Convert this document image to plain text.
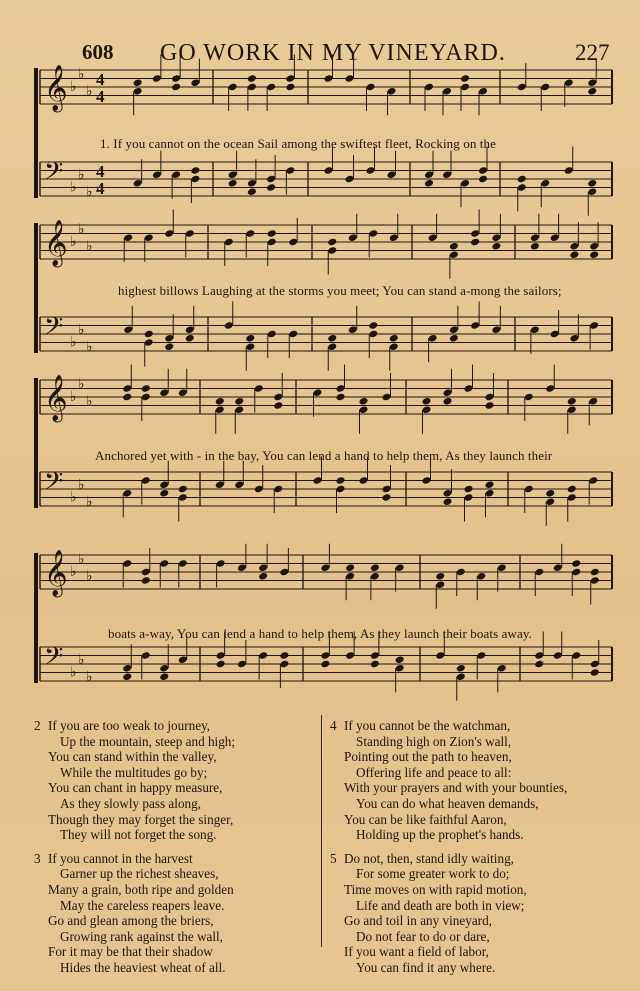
608 GO WORK IN MY VINEYARD.	227
𝄞 ♭
♭
♭
4
4
𝄢 ♭
♭
♭
4
4
𝄞 ♭
♭
♭
𝄢 ♭
♭
♭
𝄞 ♭
♭
♭
𝄢 ♭
♭
♭
𝄞 ♭
♭
♭
𝄢 ♭
♭
♭
1. If you cannot on the ocean Sail among the swiftest fleet, Rocking on the
highest billows Laughing at the storms you meet; You can stand a-mong the sailors;
Anchored yet with - in the bay, You can lend a hand to help them, As they launch their
boats a-way, You can lend a hand to help them, As they launch their boats away.
2 If you are too weak to journey,
Up the mountain, steep and high;
You can stand within the valley,
While the multitudes go by;
You can chant in happy measure,
As they slowly pass along,
Though they may forget the singer,
They will not forget the song.
3 If you cannot in the harvest
Garner up the richest sheaves,
Many a grain, both ripe and golden
May the careless reapers leave.
Go and glean among the briers,
Growing rank against the wall,
For it may be that their shadow
Hides the heaviest wheat of all.
4 If you cannot be the watchman,
Standing high on Zion's wall,
Pointing out the path to heaven,
Offering life and peace to all:
With your prayers and with your bounties,
You can do what heaven demands,
You can be like faithful Aaron,
Holding up the prophet's hands.
5 Do not, then, stand idly waiting,
For some greater work to do;
Time moves on with rapid motion,
Life and death are both in view;
Go and toil in any vineyard,
Do not fear to do or dare,
If you want a field of labor,
You can find it any where.
